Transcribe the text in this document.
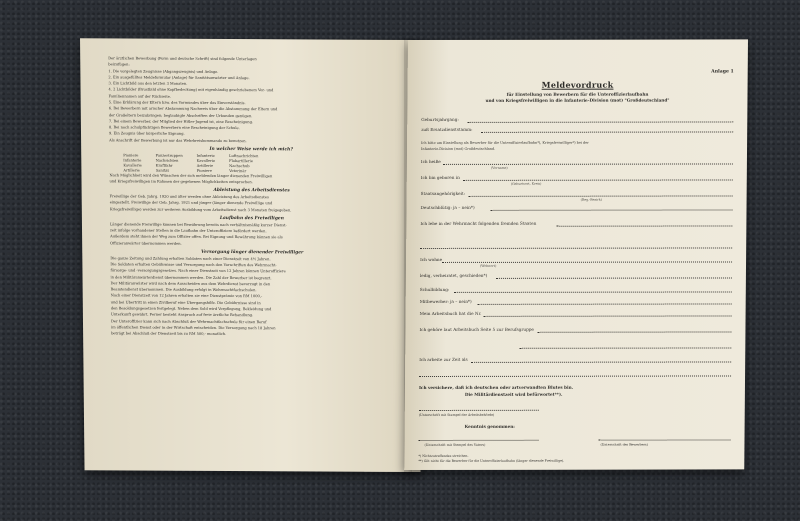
Der ärztlichen Bewerbung (Form und deutsche Schrift) sind folgende Unterlagen

beizufügen:

1. Die vorgelegten Zeugnisse (Abgangszeugnis) und Anlage.

2. Ein ausgefülltes Meldeformular (Anlage) für Sanitätsanwärter und Anlage.

3. Ein Lichtbild aus den letzten 3 Monaten.

4. 2 Lichtbilder (Brustbild ohne Kopfbedeckung) mit eigenhändig geschriebenem Vor- und

Familiennamen auf der Rückseite.

5. Eine Erklärung der Eltern bzw. des Vormundes über das Einverständnis.

6. Bei Bewerbern mit arischer Abstammung Nachweis über die Abstammung der Eltern und

der Großeltern beizubringen; beglaubigte Abschriften der Urkunden genügen.

7. Bei einem Bewerber, der Mitglied der Hitler-Jugend ist, eine Bescheinigung.

8. Bei noch schulpflichtigen Bewerbern eine Bescheinigung der Schule.

9. Ein Zeugnis über körperliche Eignung.

Als Anschrift der Bewerbung ist nur das Wehrkreiskommando zu benutzen.

In welcher Weise werde ich mich?
Pioniere
Infanterie
Kavallerie
Artillerie
Panzertruppen
Nachrichten
Kraftfahr
Sanität
Infanterie
Kavallerie
Artillerie
Pioniere
Luftnachrichten
Flakartillerie
Nachschub
Veterinär

Nach Möglichkeit wird den Wünschen der sich meldenden länger dienenden Freiwilligen

und Kriegsfreiwilligen im Rahmen der gegebenen Möglichkeiten entsprochen.

Ableistung des Arbeitsdienstes

Freiwillige der Geb. Jahrg. 1920 und älter werden ohne Ableistung des Arbeitsdienstes

eingestellt. Freiwillige der Geb. Jahrg. 1921 und jünger (länger dienende Freiwillige und

Kriegsfreiwillige) werden zur weiteren Ausbildung vom Arbeitsdienst nach 3 Monaten freigegeben.

Laufbahn des Freiwilligen

Länger dienende Freiwillige können bei Bewährung bereits nach verhältnismäßig kurzer Dienst-

zeit infolge vorhandener Stellen in die Laufbahn der Unteroffiziere befördert werden.

Außerdem steht ihnen der Weg zum Offizier offen. Bei Eignung und Bewährung können sie als

Offizieranwärter übernommen werden.

Versorgung länger dienender Freiwilliger

Die ganze Zeitung und Zahlung erhalten Soldaten nach einer Dienstzeit von 4½ Jahren.

Die Soldaten erhalten Gebührnisse und Versorgung nach den Vorschriften des Wehrmacht-

fürsorge- und -versorgungsgesetzes. Nach einer Dienstzeit von 12 Jahren können Unteroffiziere

in den Militäranwärterdienst übernommen werden. Die Zahl der Bewerber ist begrenzt.

Der Militäranwärter wird nach dem Ausscheiden aus dem Wehrdienst bevorzugt in den

Beamtendienst übernommen. Die Ausbildung erfolgt in Wehrmachtfachschulen.

Nach einer Dienstzeit von 12 Jahren erhalten sie eine Dienstprämie von RM 1000,-

und bei Übertritt in einen Zivilberuf eine Übergangshilfe. Die Gebührnisse sind in

den Besoldungsgesetzen festgelegt. Neben dem Sold wird Verpflegung, Bekleidung und

Unterkunft gewährt. Ferner besteht Anspruch auf freie ärztliche Behandlung.

Der Unteroffizier kann sich nach Abschluß der Wehrmachtfachschule für einen Beruf

im öffentlichen Dienst oder in der Wirtschaft entscheiden. Die Versorgung nach 18 Jahren

beträgt bei Abschluß der Dienstzeit bis zu RM 500,- monatlich.

Anlage 1
Meldevordruck
für Einstellung von Bewerbern für die Unteroffizierlaufbahn
und von Kriegsfreiwilligen in die Infanterie-Division (mot) "Großdeutschland"
Geburtsjahrgang:
zuß Ersatzdienststamm:
Ich bitte um Einstellung als Bewerber für die Unteroffizierlaufbahn*), Kriegsfreiwilliger*) bei der
Infanterie-Division (mot) Großdeutschland.
Ich heiße
(Vorname)
Ich bin geboren in
(Geburtsort, Kreis)
Staatsangehörigkeit:
(Reg.-Bezirk)
Deutschblütig: ja – nein*)
Ich lebe in der Wehrmacht folgenden fremden Staaten
Ich wohne
(Wohnort)
ledig, verheiratet, geschieden*)
Schulbildung:
Mitbewerber: ja – nein*)
Mein Arbeitsbuch hat die Nr.
Ich gehöre laut Arbeitsbuch Seite 5 zur Berufsgruppe
Ich arbeite zur Zeit als
Ich versichere, daß ich deutschen oder artverwandten Blutes bin.
Die Militärdienstzeit wird befürwortet**).
(Unterschrift mit Stempel der Arbeitsbehörde)
Kenntnis genommen:
(Unterschrift mit Stempel des Vaters)	(Unterschrift des Bewerbers)
*) Nichtzutreffendes streichen.
**) Gilt nicht für die Bewerber für die Unteroffizierlaufbahn (länger dienende Freiwillige).
